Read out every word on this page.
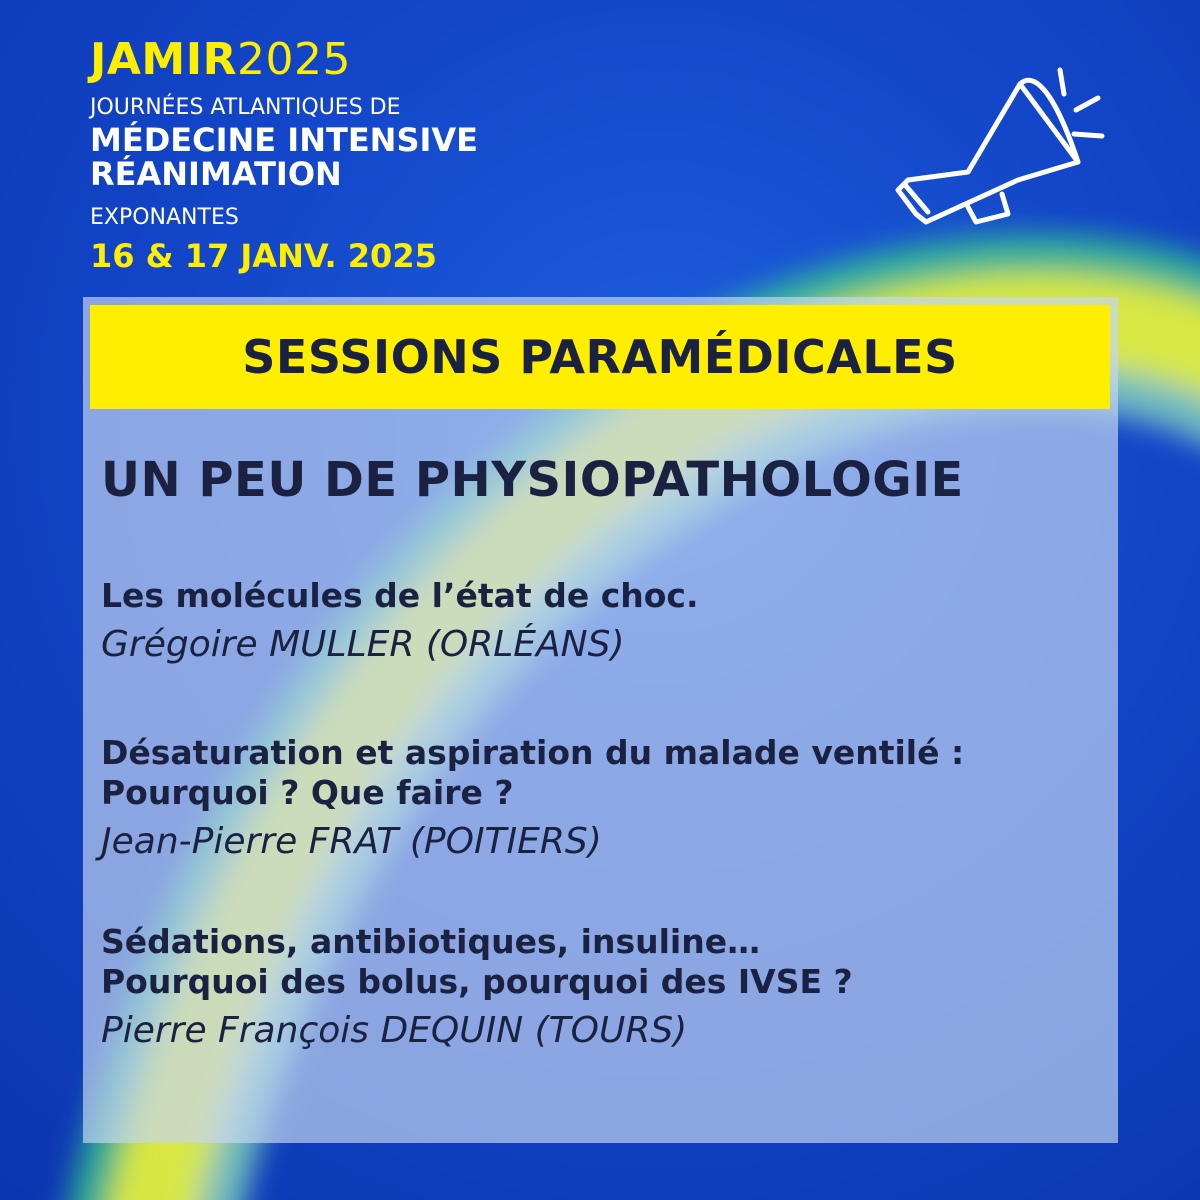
JAMIR2025
JOURNÉES ATLANTIQUES DE
MÉDECINE INTENSIVE
RÉANIMATION
EXPONANTES
16 & 17 JANV. 2025
SESSIONS PARAMÉDICALES
UN PEU DE PHYSIOPATHOLOGIE
Les molécules de l’état de choc.
Grégoire MULLER (ORLÉANS)
Désaturation et aspiration du malade ventilé :
Pourquoi ? Que faire ?
Jean-Pierre FRAT (POITIERS)
Sédations, antibiotiques, insuline…
Pourquoi des bolus, pourquoi des IVSE ?
Pierre François DEQUIN (TOURS)
